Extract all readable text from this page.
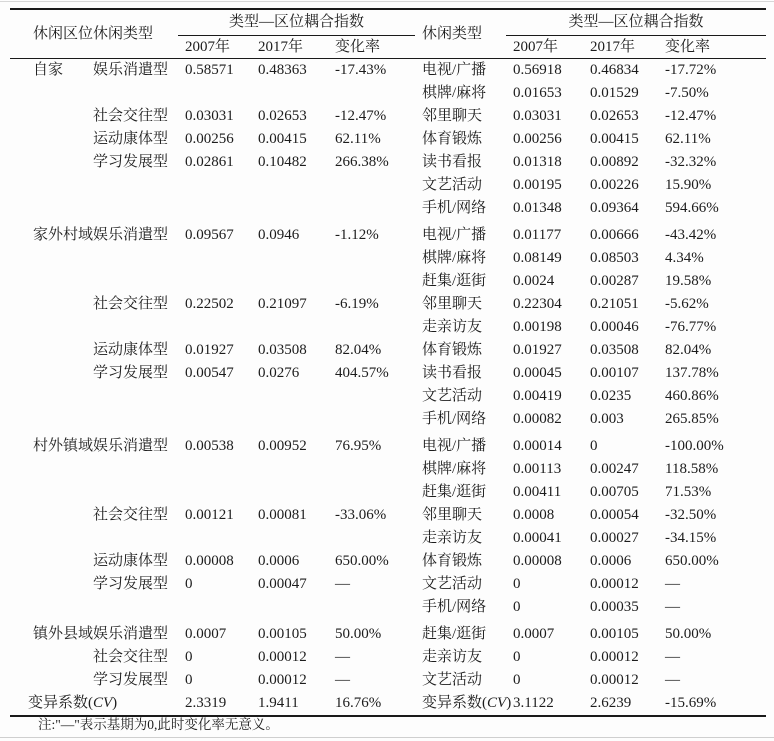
休闲区位	休闲类型	类型—区位耦合指数			休闲类型	类型—区位耦合指数		
		2007年	2017年	变化率		2007年	2017年	变化率
自家	娱乐消遣型	0.58571	0.48363	-17.43%	电视/广播	0.56918	0.46834	-17.72%
					棋牌/麻将	0.01653	0.01529	-7.50%
	社会交往型	0.03031	0.02653	-12.47%	邻里聊天	0.03031	0.02653	-12.47%
	运动康体型	0.00256	0.00415	62.11%	体育锻炼	0.00256	0.00415	62.11%
	学习发展型	0.02861	0.10482	266.38%	读书看报	0.01318	0.00892	-32.32%
					文艺活动	0.00195	0.00226	15.90%
					手机/网络	0.01348	0.09364	594.66%
家外村域	娱乐消遣型	0.09567	0.0946	-1.12%	电视/广播	0.01177	0.00666	-43.42%
					棋牌/麻将	0.08149	0.08503	4.34%
					赶集/逛街	0.0024	0.00287	19.58%
	社会交往型	0.22502	0.21097	-6.19%	邻里聊天	0.22304	0.21051	-5.62%
					走亲访友	0.00198	0.00046	-76.77%
	运动康体型	0.01927	0.03508	82.04%	体育锻炼	0.01927	0.03508	82.04%
	学习发展型	0.00547	0.0276	404.57%	读书看报	0.00045	0.00107	137.78%
					文艺活动	0.00419	0.0235	460.86%
					手机/网络	0.00082	0.003	265.85%
村外镇域	娱乐消遣型	0.00538	0.00952	76.95%	电视/广播	0.00014	0	-100.00%
					棋牌/麻将	0.00113	0.00247	118.58%
					赶集/逛街	0.00411	0.00705	71.53%
	社会交往型	0.00121	0.00081	-33.06%	邻里聊天	0.0008	0.00054	-32.50%
					走亲访友	0.00041	0.00027	-34.15%
	运动康体型	0.00008	0.0006	650.00%	体育锻炼	0.00008	0.0006	650.00%
	学习发展型	0	0.00047	—	文艺活动	0	0.00012	—
					手机/网络	0	0.00035	—
镇外县域	娱乐消遣型	0.0007	0.00105	50.00%	赶集/逛街	0.0007	0.00105	50.00%
	社会交往型	0	0.00012	—	走亲访友	0	0.00012	—
	学习发展型	0	0.00012	—	文艺活动	0	0.00012	—
变异系数(CV)		2.3319	1.9411	16.76%	变异系数(CV)	3.1122	2.6239	-15.69%
注:"—"表示基期为0,此时变化率无意义。
